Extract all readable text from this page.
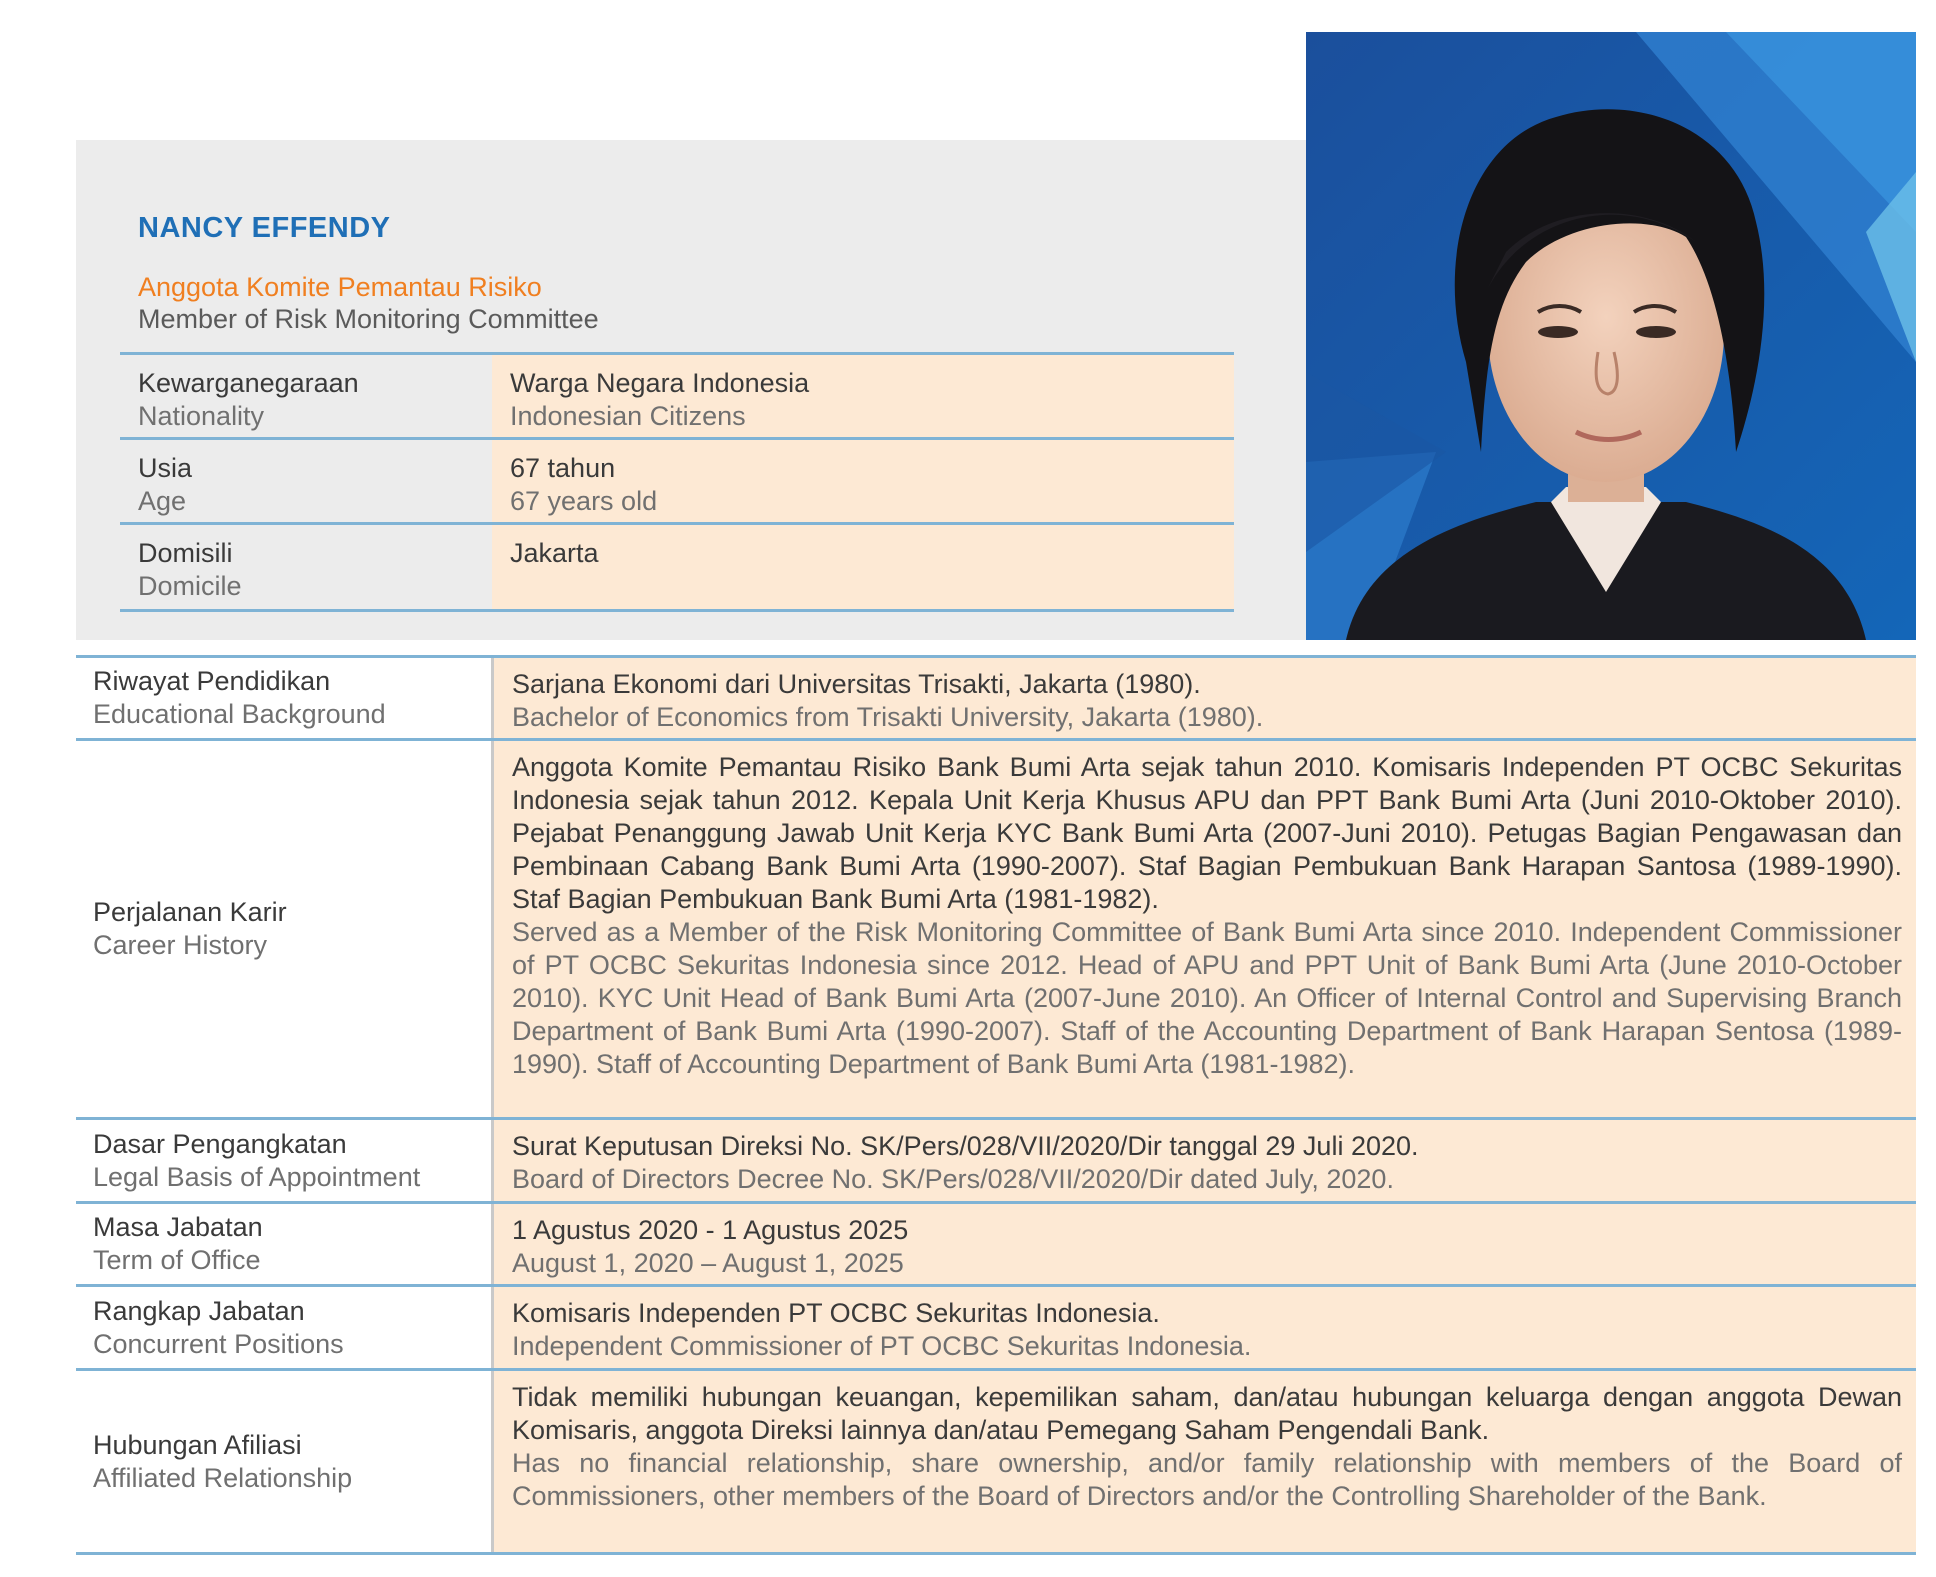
NANCY EFFENDY
Anggota Komite Pemantau Risiko
Member of Risk Monitoring Committee
Kewarganegaraan
Nationality
Warga Negara Indonesia
Indonesian Citizens
Usia
Age
67 tahun
67 years old
Domisili
Domicile
Jakarta
Riwayat Pendidikan
Educational Background

Sarjana Ekonomi dari Universitas Trisakti, Jakarta (1980).

Bachelor of Economics from Trisakti University, Jakarta (1980).

Perjalanan Karir
Career History

Anggota Komite Pemantau Risiko Bank Bumi Arta sejak tahun 2010. Komisaris Independen PT OCBC Sekuritas Indonesia sejak tahun 2012. Kepala Unit Kerja Khusus APU dan PPT Bank Bumi Arta (Juni 2010-Oktober 2010). Pejabat Penanggung Jawab Unit Kerja KYC Bank Bumi Arta (2007-Juni 2010). Petugas Bagian Pengawasan dan Pembinaan Cabang Bank Bumi Arta (1990-2007). Staf Bagian Pembukuan Bank Harapan Santosa (1989-1990). Staf Bagian Pembukuan Bank Bumi Arta (1981-1982).

Served as a Member of the Risk Monitoring Committee of Bank Bumi Arta since 2010. Independent Commissioner of PT OCBC Sekuritas Indonesia since 2012. Head of APU and PPT Unit of Bank Bumi Arta (June 2010-October 2010). KYC Unit Head of Bank Bumi Arta (2007-June 2010). An Officer of Internal Control and Supervising Branch Department of Bank Bumi Arta (1990-2007). Staff of the Accounting Department of Bank Harapan Sentosa (1989-1990). Staff of Accounting Department of Bank Bumi Arta (1981-1982).

Dasar Pengangkatan
Legal Basis of Appointment

Surat Keputusan Direksi No. SK/Pers/028/VII/2020/Dir tanggal 29 Juli 2020.

Board of Directors Decree No. SK/Pers/028/VII/2020/Dir dated July, 2020.

Masa Jabatan
Term of Office

1 Agustus 2020 - 1 Agustus 2025

August 1, 2020 – August 1, 2025

Rangkap Jabatan
Concurrent Positions

Komisaris Independen PT OCBC Sekuritas Indonesia.

Independent Commissioner of PT OCBC Sekuritas Indonesia.

Hubungan Afiliasi
Affiliated Relationship

Tidak memiliki hubungan keuangan, kepemilikan saham, dan/atau hubungan keluarga dengan anggota Dewan Komisaris, anggota Direksi lainnya dan/atau Pemegang Saham Pengendali Bank.

Has no financial relationship, share ownership, and/or family relationship with members of the Board of Commissioners, other members of the Board of Directors and/or the Controlling Shareholder of the Bank.
